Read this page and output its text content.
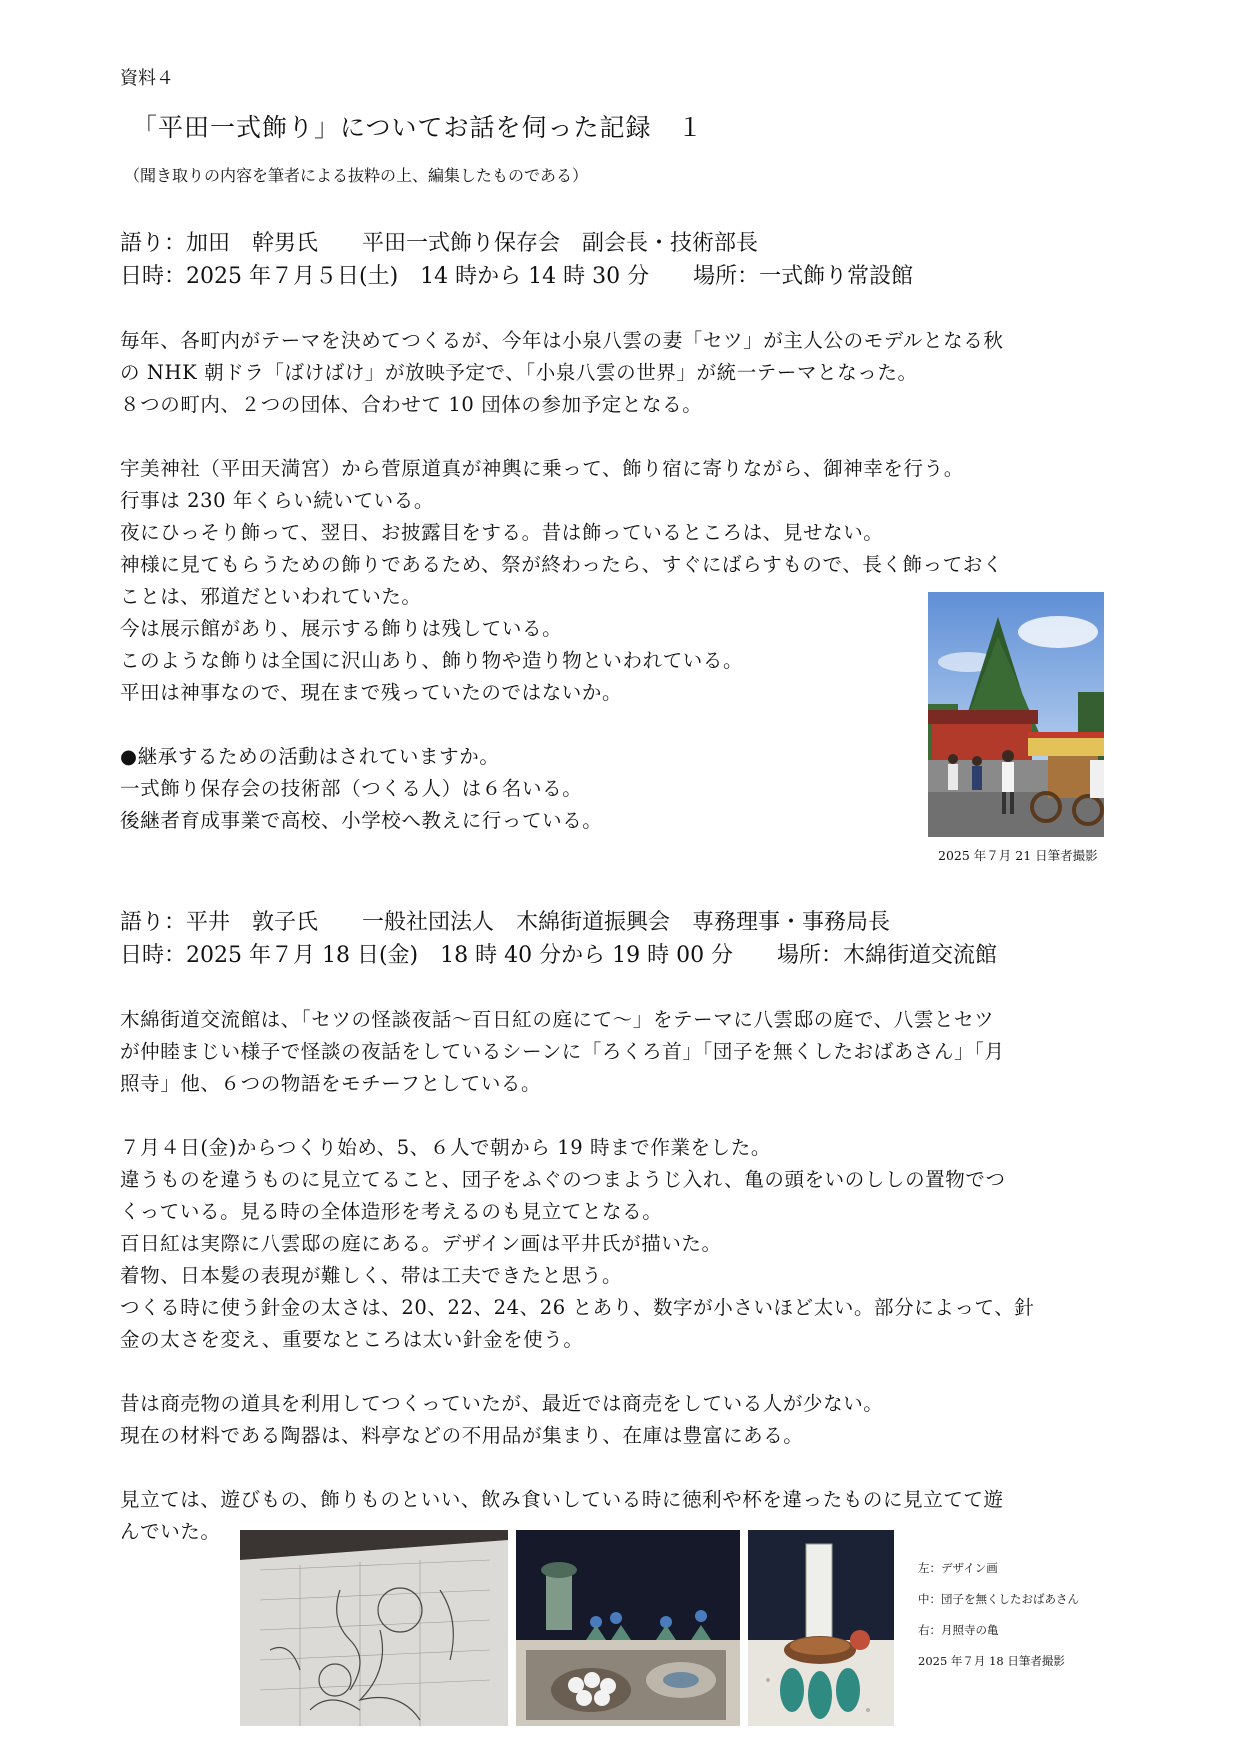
資料４
「平田一式飾り」についてお話を伺った記録　１
（聞き取りの内容を筆者による抜粋の上、編集したものである）
語り：加田　幹男氏　　平田一式飾り保存会　副会長・技術部長
日時：2025 年７月５日(土)　14 時から 14 時 30 分　　場所：一式飾り常設館
毎年、各町内がテーマを決めてつくるが、今年は小泉八雲の妻「セツ」が主人公のモデルとなる秋
の NHK 朝ドラ「ばけばけ」が放映予定で、「小泉八雲の世界」が統一テーマとなった。
８つの町内、２つの団体、合わせて 10 団体の参加予定となる。
宇美神社（平田天満宮）から菅原道真が神輿に乗って、飾り宿に寄りながら、御神幸を行う。
行事は 230 年くらい続いている。
夜にひっそり飾って、翌日、お披露目をする。昔は飾っているところは、見せない。
神様に見てもらうための飾りであるため、祭が終わったら、すぐにばらすもので、長く飾っておく
ことは、邪道だといわれていた。
今は展示館があり、展示する飾りは残している。
このような飾りは全国に沢山あり、飾り物や造り物といわれている。
平田は神事なので、現在まで残っていたのではないか。
●継承するための活動はされていますか。
一式飾り保存会の技術部（つくる人）は６名いる。
後継者育成事業で高校、小学校へ教えに行っている。
2025 年７月 21 日筆者撮影
語り：平井　敦子氏　　一般社団法人　木綿街道振興会　専務理事・事務局長
日時：2025 年７月 18 日(金)　18 時 40 分から 19 時 00 分　　場所：木綿街道交流館
木綿街道交流館は、「セツの怪談夜話～百日紅の庭にて～」をテーマに八雲邸の庭で、八雲とセツ
が仲睦まじい様子で怪談の夜話をしているシーンに「ろくろ首」「団子を無くしたおばあさん」「月
照寺」他、６つの物語をモチーフとしている。
７月４日(金)からつくり始め、5、６人で朝から 19 時まで作業をした。
違うものを違うものに見立てること、団子をふぐのつまようじ入れ、亀の頭をいのししの置物でつ
くっている。見る時の全体造形を考えるのも見立てとなる。
百日紅は実際に八雲邸の庭にある。デザイン画は平井氏が描いた。
着物、日本髪の表現が難しく、帯は工夫できたと思う。
つくる時に使う針金の太さは、20、22、24、26 とあり、数字が小さいほど太い。部分によって、針
金の太さを変え、重要なところは太い針金を使う。
昔は商売物の道具を利用してつくっていたが、最近では商売をしている人が少ない。
現在の材料である陶器は、料亭などの不用品が集まり、在庫は豊富にある。
見立ては、遊びもの、飾りものといい、飲み食いしている時に徳利や杯を違ったものに見立てて遊
んでいた。
左：デザイン画
中：団子を無くしたおばあさん
右：月照寺の亀
2025 年７月 18 日筆者撮影
